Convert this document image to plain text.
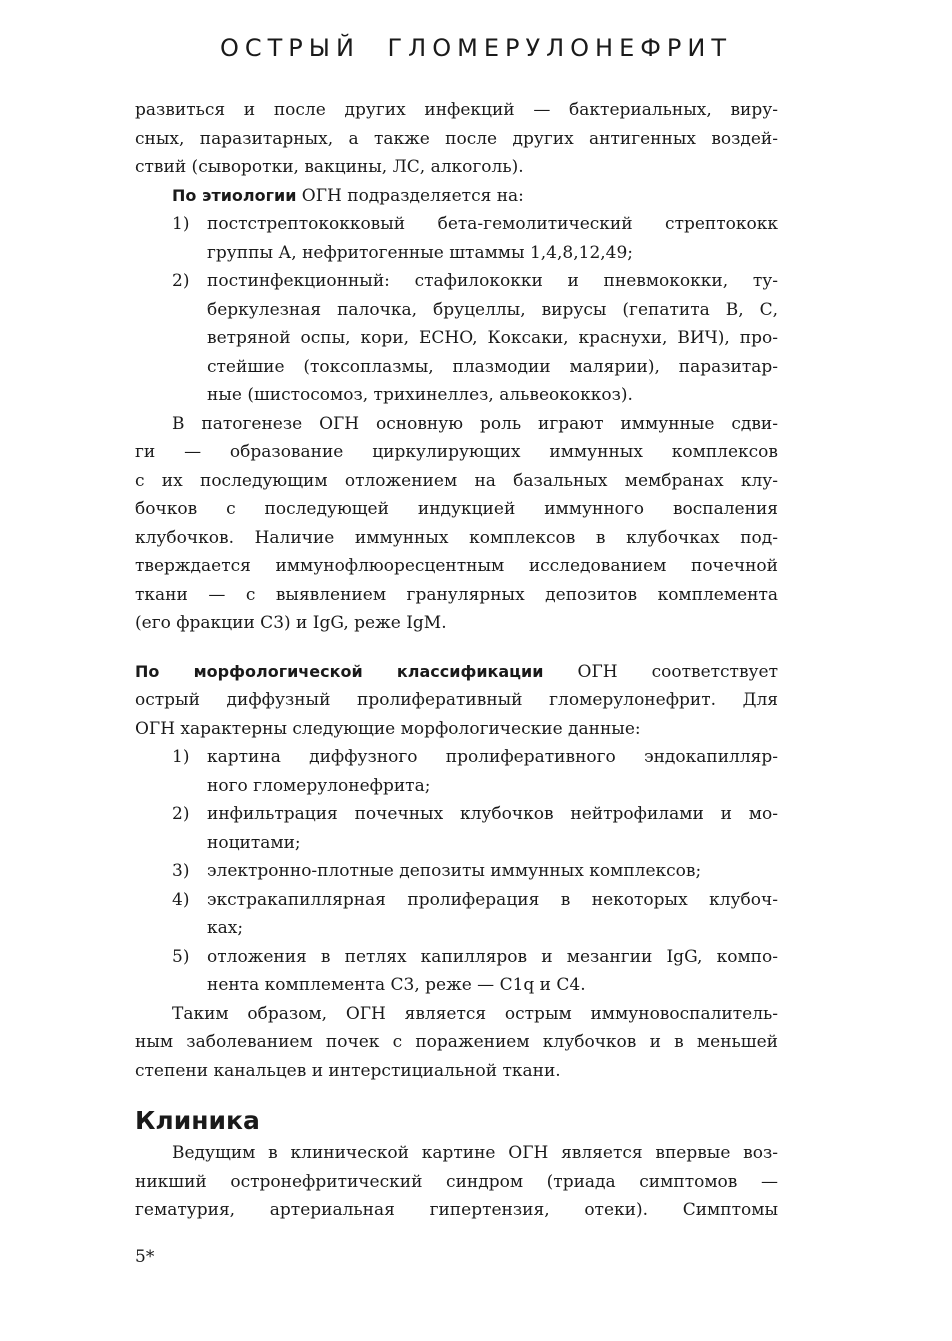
ОСТРЫЙ ГЛОМЕРУЛОНЕФРИТ
развиться и после других инфекций — бактериальных, виру-
сных, паразитарных, а также после других антигенных воздей-
ствий (сыворотки, вакцины, ЛС, алкоголь).
По этиологии ОГН подразделяется на:
1)	постстрептококковый бета-гемолитический стрептококк
группы А, нефритогенные штаммы 1,4,8,12,49;
2)	постинфекционный: стафилококки и пневмококки, ту-
беркулезная палочка, бруцеллы, вирусы (гепатита В, С,
ветряной оспы, кори, ECHO, Коксаки, краснухи, ВИЧ), про-
стейшие (токсоплазмы, плазмодии малярии), паразитар-
ные (шистосомоз, трихинеллез, альвеококкоз).
В патогенезе ОГН основную роль играют иммунные сдви-
ги — образование циркулирующих иммунных комплексов
с их последующим отложением на базальных мембранах клу-
бочков с последующей индукцией иммунного воспаления
клубочков. Наличие иммунных комплексов в клубочках под-
тверждается иммунофлюоресцентным исследованием почечной
ткани — с выявлением гранулярных депозитов комплемента
(его фракции С3) и IgG, реже IgM.
По морфологической классификации ОГН соответствует
острый диффузный пролиферативный гломерулонефрит. Для
ОГН характерны следующие морфологические данные:
1)	картина диффузного пролиферативного эндокапилляр-
ного гломерулонефрита;
2)	инфильтрация почечных клубочков нейтрофилами и мо-
ноцитами;
3)	электронно-плотные депозиты иммунных комплексов;
4)	экстракапиллярная пролиферация в некоторых клубоч-
ках;
5)	отложения в петлях капилляров и мезангии IgG, компо-
нента комплемента С3, реже — С1q и С4.
Таким образом, ОГН является острым иммуновоспалитель-
ным заболеванием почек с поражением клубочков и в меньшей
степени канальцев и интерстициальной ткани.
Клиника
Ведущим в клинической картине ОГН является впервые воз-
никший остронефритический синдром (триада симптомов —
гематурия, артериальная гипертензия, отеки). Симптомы
5*
